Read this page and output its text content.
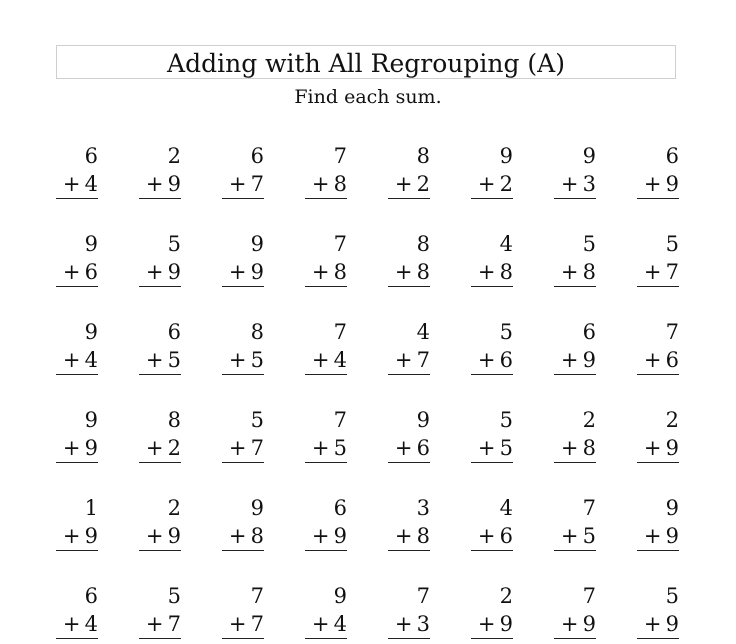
Adding with All Regrouping (A)
Find each sum.
6
+ 4
2
+ 9
6
+ 7
7
+ 8
8
+ 2
9
+ 2
9
+ 3
6
+ 9
9
+ 6
5
+ 9
9
+ 9
7
+ 8
8
+ 8
4
+ 8
5
+ 8
5
+ 7
9
+ 4
6
+ 5
8
+ 5
7
+ 4
4
+ 7
5
+ 6
6
+ 9
7
+ 6
9
+ 9
8
+ 2
5
+ 7
7
+ 5
9
+ 6
5
+ 5
2
+ 8
2
+ 9
1
+ 9
2
+ 9
9
+ 8
6
+ 9
3
+ 8
4
+ 6
7
+ 5
9
+ 9
6
+ 4
5
+ 7
7
+ 7
9
+ 4
7
+ 3
2
+ 9
7
+ 9
5
+ 9
